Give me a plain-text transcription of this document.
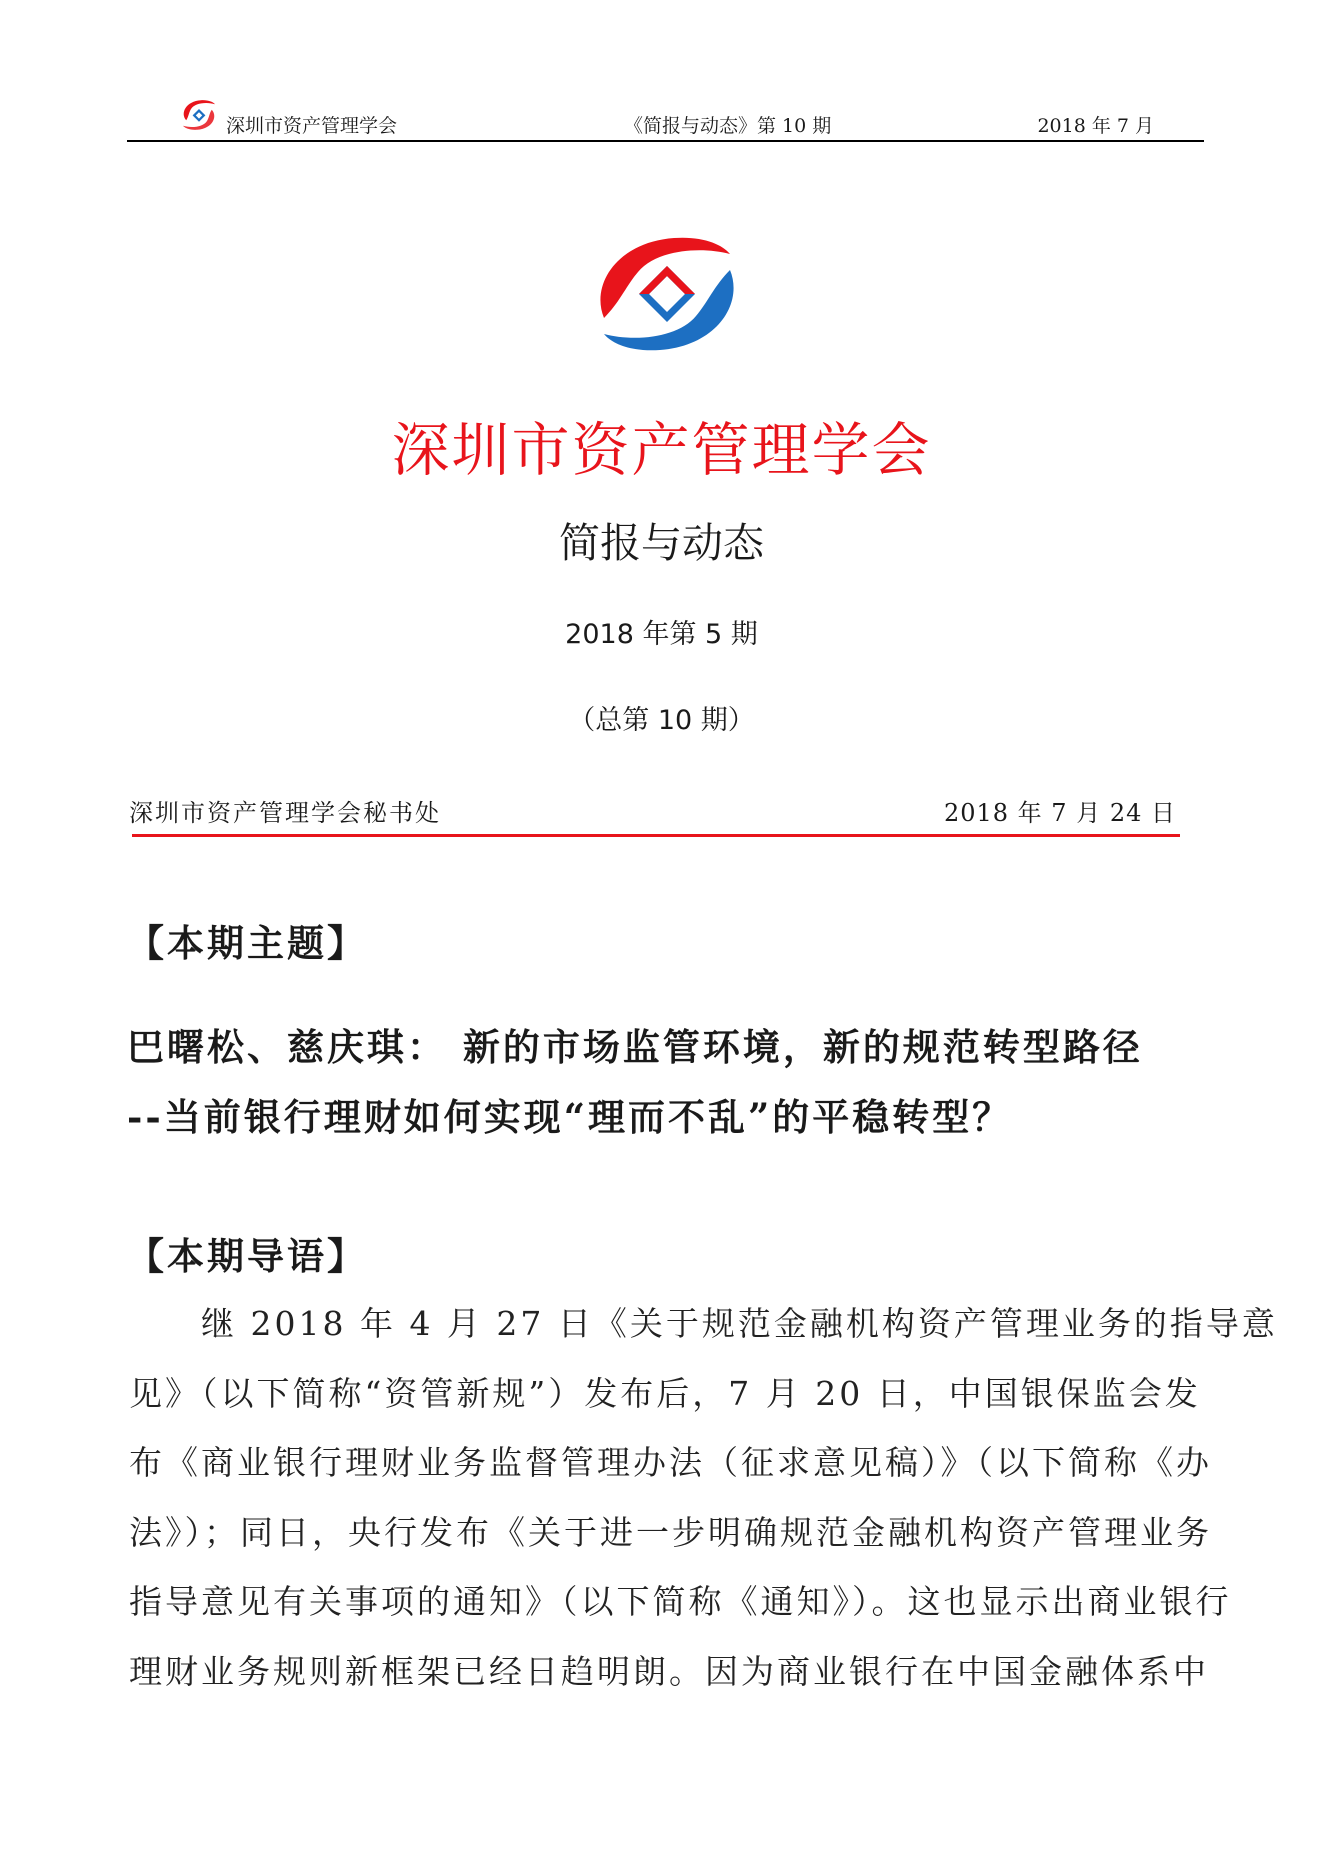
深圳市资产管理学会	《简报与动态》第 10 期	2018 年 7 月
深圳市资产管理学会
简报与动态
2018 年第 5 期
（总第 10 期）
深圳市资产管理学会秘书处	2018 年 7 月 24 日
【本期主题】
巴曙松、慈庆琪： 新的市场监管环境，新的规范转型路径
--当前银行理财如何实现“理而不乱”的平稳转型？
【本期导语】
　　继 2018 年 4 月 27 日《关于规范金融机构资产管理业务的指导意
见》（以下简称“资管新规”）发布后，7 月 20 日，中国银保监会发
布《商业银行理财业务监督管理办法（征求意见稿）》（以下简称《办
法》）；同日，央行发布《关于进一步明确规范金融机构资产管理业务
指导意见有关事项的通知》（以下简称《通知》）。这也显示出商业银行
理财业务规则新框架已经日趋明朗。因为商业银行在中国金融体系中
